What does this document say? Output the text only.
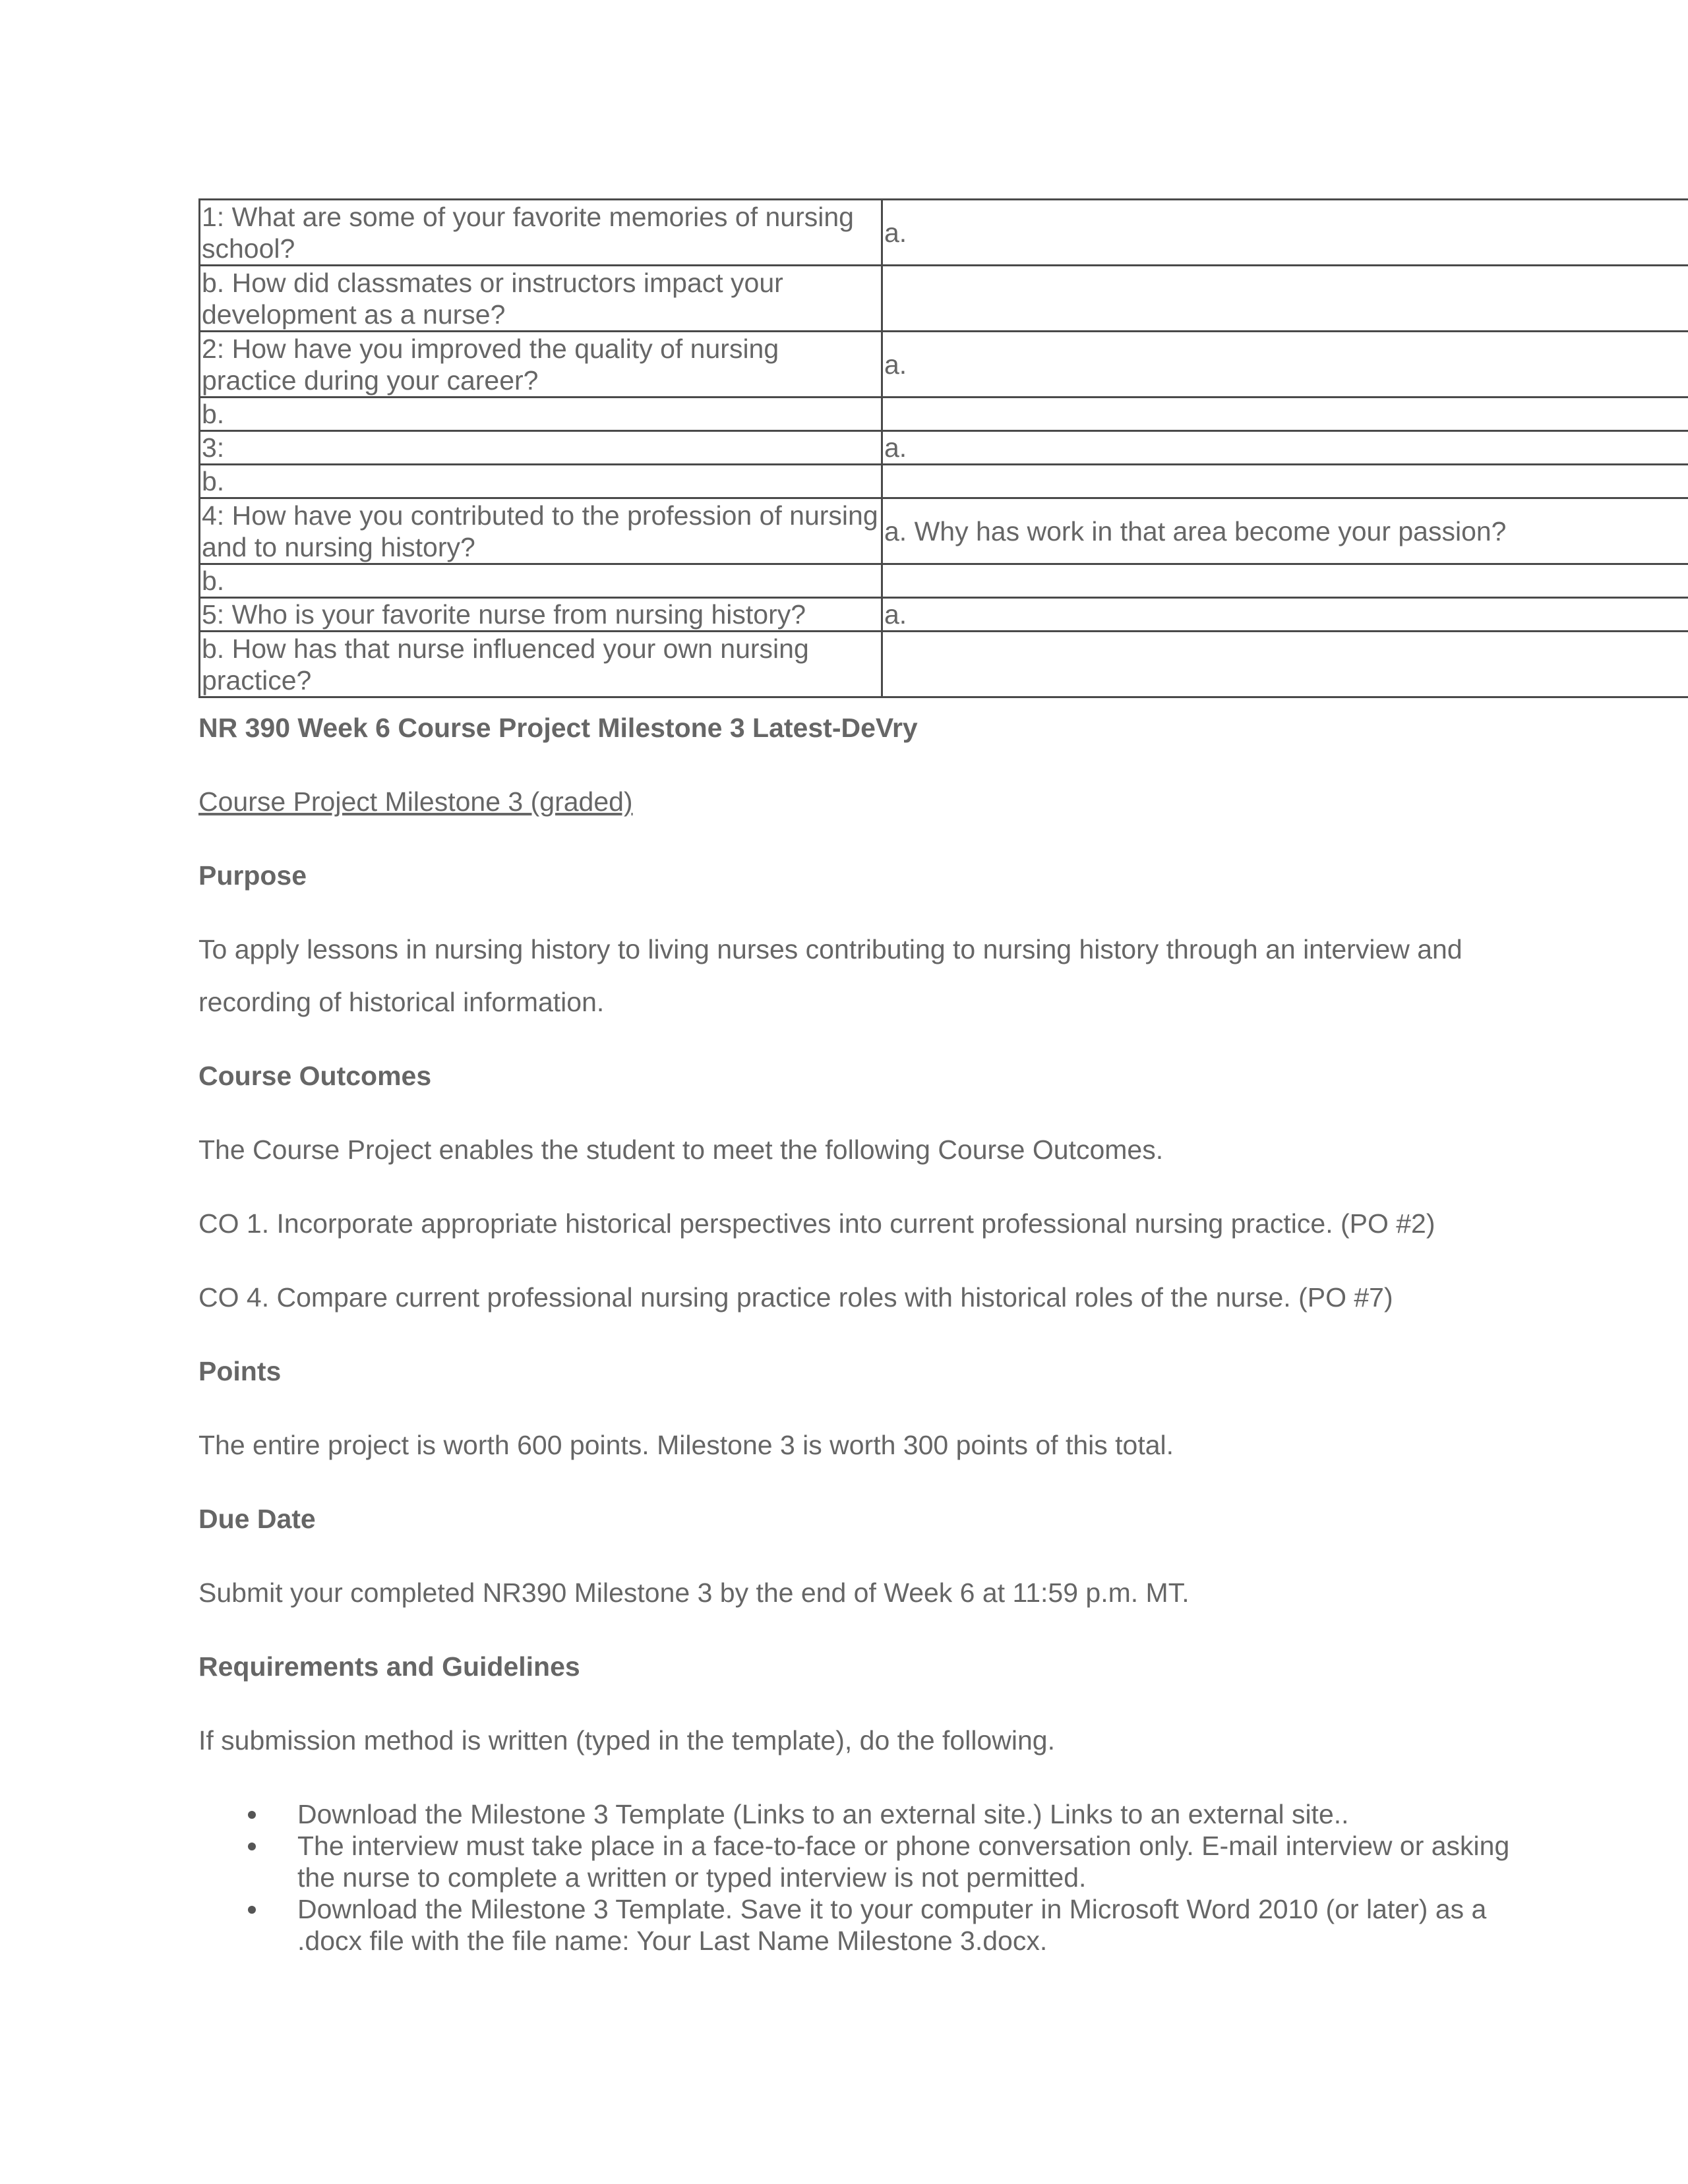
1: What are some of your favorite memories of nursing school?	a.
b. How did classmates or instructors impact your development as a nurse?	
2: How have you improved the quality of nursing practice during your career?	a.
b.	
3:	a.
b.	
4: How have you contributed to the profession of nursing and to nursing history?	a. Why has work in that area become your passion?
b.	
5: Who is your favorite nurse from nursing history?	a.
b. How has that nurse influenced your own nursing practice?	
NR 390 Week 6 Course Project Milestone 3 Latest-DeVry
Course Project Milestone 3 (graded)
Purpose
To apply lessons in nursing history to living nurses contributing to nursing history through an interview and recording of historical information.
Course Outcomes
The Course Project enables the student to meet the following Course Outcomes.
CO 1. Incorporate appropriate historical perspectives into current professional nursing practice. (PO #2)
CO 4. Compare current professional nursing practice roles with historical roles of the nurse. (PO #7)
Points
The entire project is worth 600 points. Milestone 3 is worth 300 points of this total.
Due Date
Submit your completed NR390 Milestone 3 by the end of Week 6 at 11:59 p.m. MT.
Requirements and Guidelines
If submission method is written (typed in the template), do the following.
Download the Milestone 3 Template (Links to an external site.) Links to an external site..
The interview must take place in a face-to-face or phone conversation only. E-mail interview or asking the nurse to complete a written or typed interview is not permitted.
Download the Milestone 3 Template. Save it to your computer in Microsoft Word 2010 (or later) as a .docx file with the file name: Your Last Name Milestone 3.docx.
